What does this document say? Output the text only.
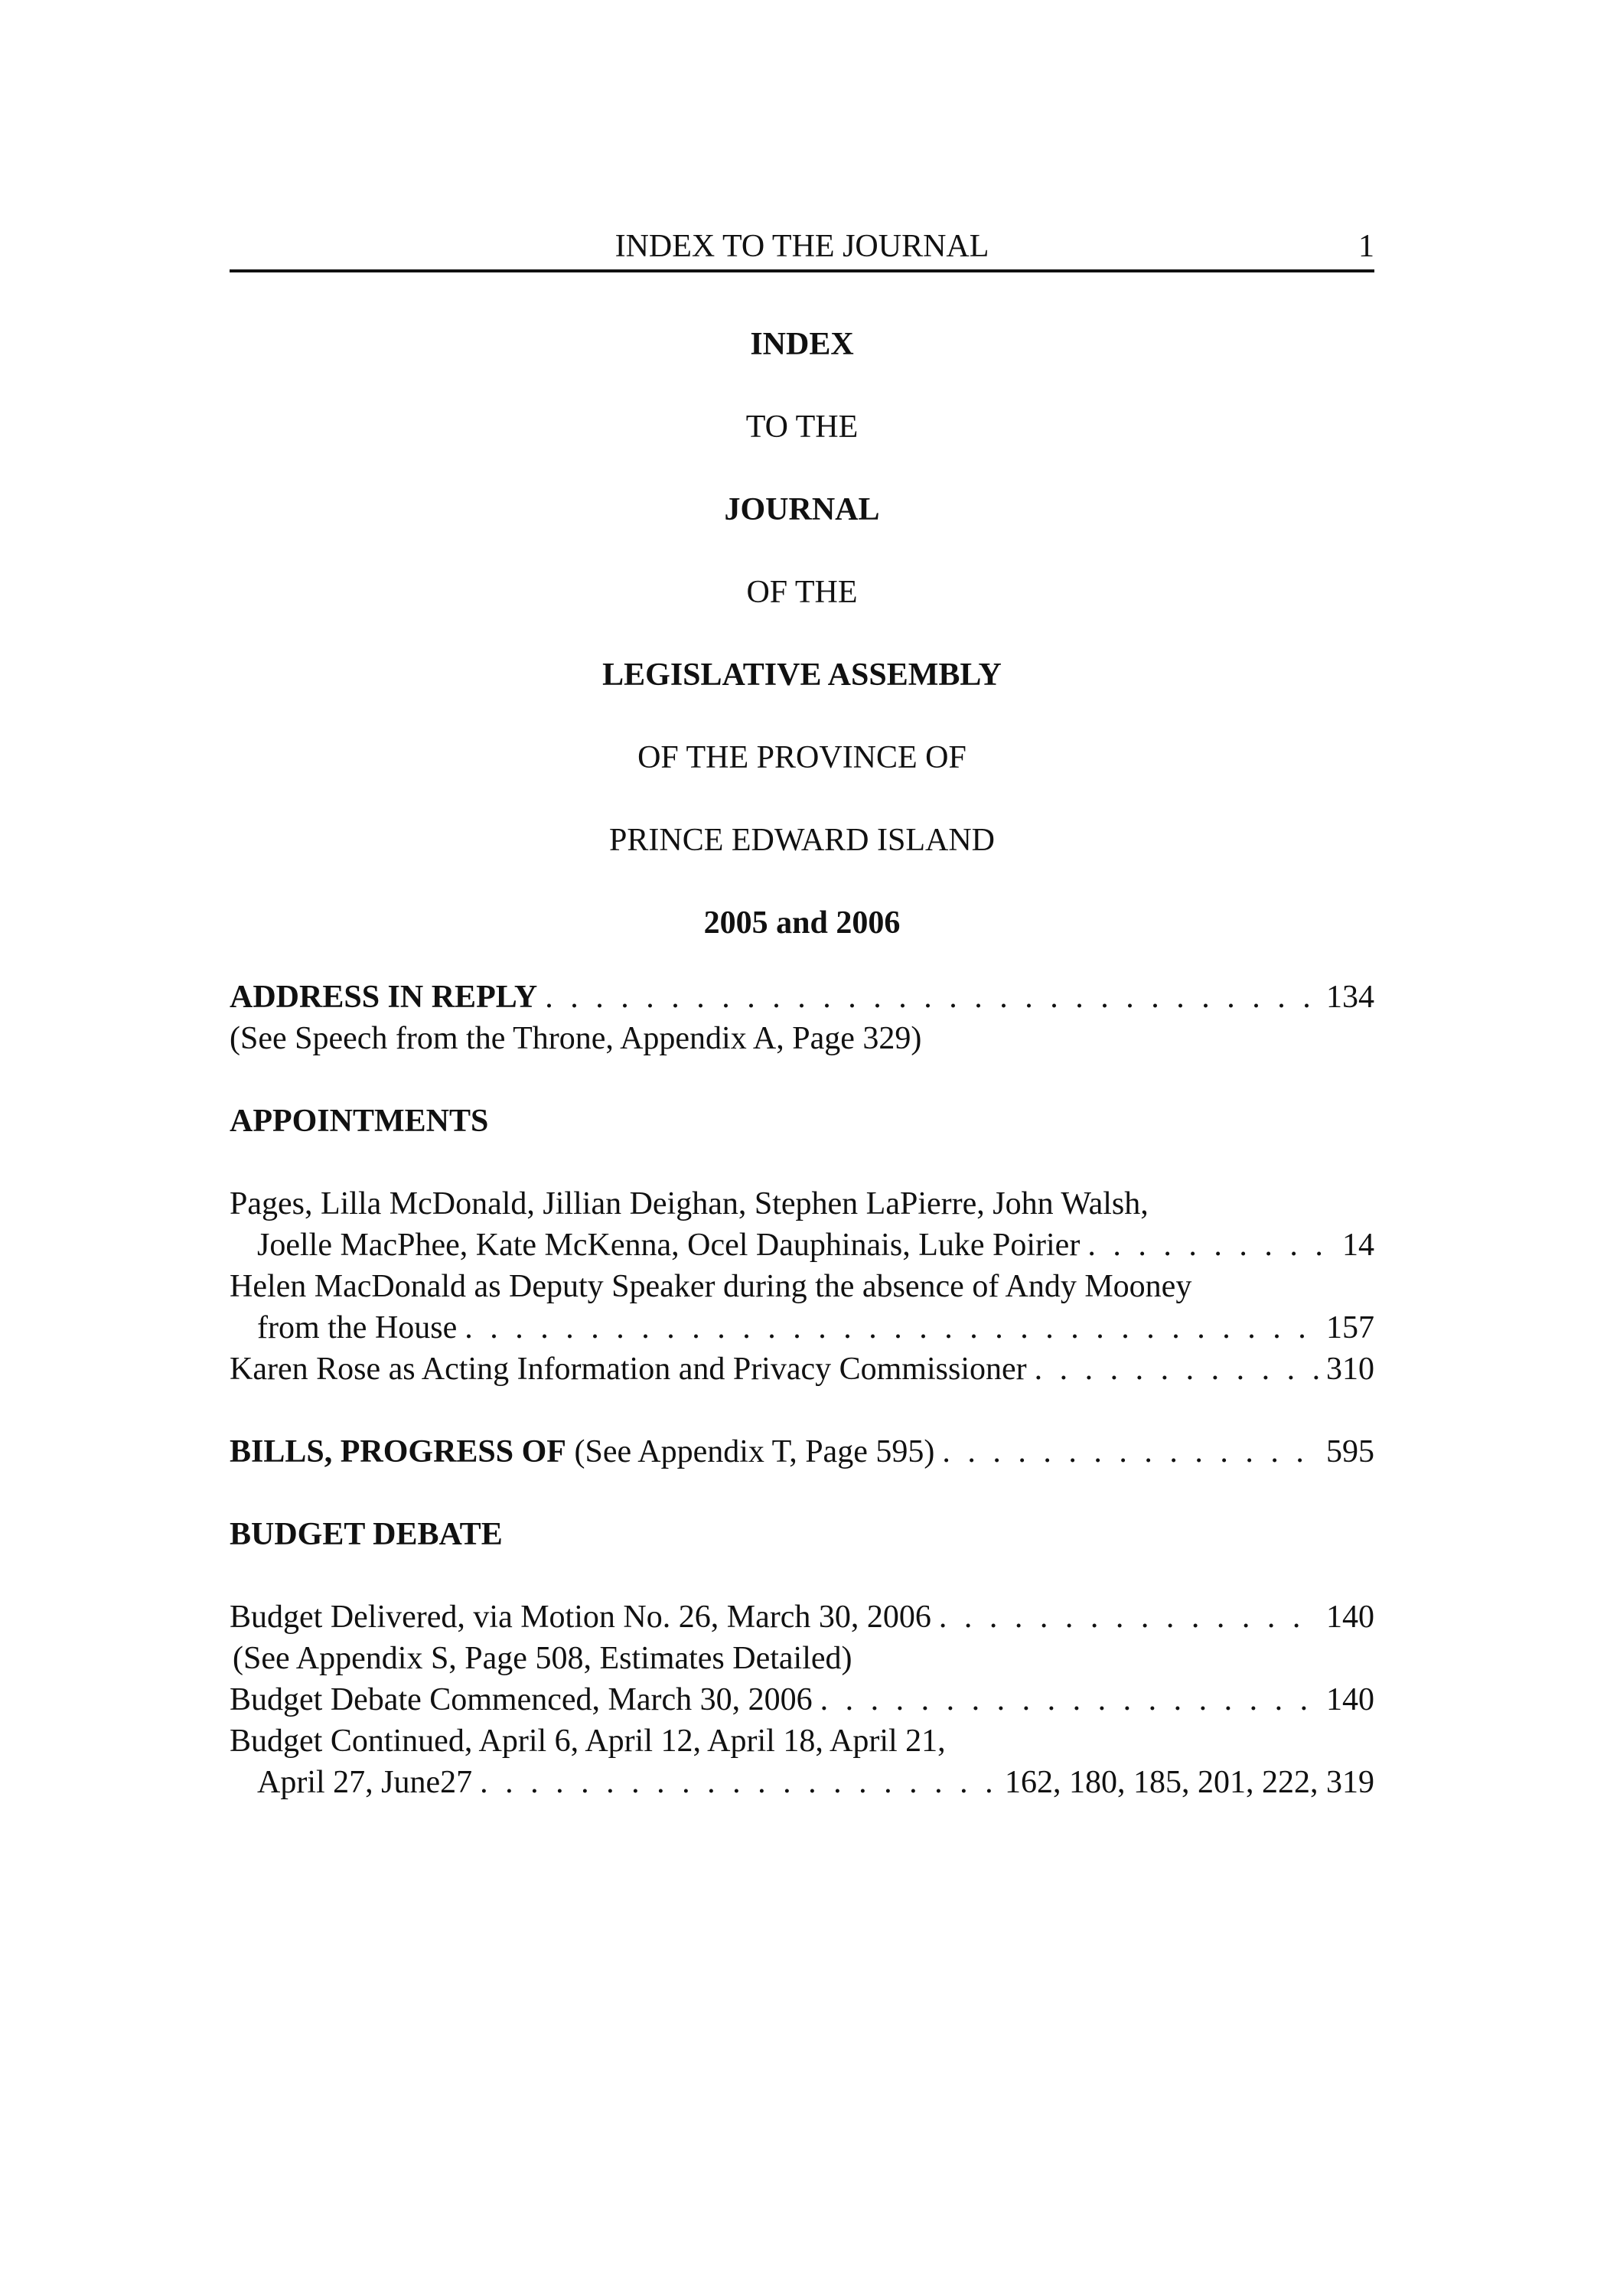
INDEX TO THE JOURNAL	1
INDEX
TO THE
JOURNAL
OF THE
LEGISLATIVE ASSEMBLY
OF THE PROVINCE OF
PRINCE EDWARD ISLAND
2005 and 2006
ADDRESS IN REPLY . . .	134
(See Speech from the Throne, Appendix A, Page 329)
APPOINTMENTS
Pages, Lilla McDonald, Jillian Deighan, Stephen LaPierre, John Walsh,
Joelle MacPhee, Kate McKenna, Ocel Dauphinais, Luke Poirier . . .	14
Helen MacDonald as Deputy Speaker during the absence of Andy Mooney
from the House . . .	157
Karen Rose as Acting Information and Privacy Commissioner . . .	310
BILLS, PROGRESS OF (See Appendix T, Page 595) . . .	595
BUDGET DEBATE
Budget Delivered, via Motion No. 26, March 30, 2006 . . .	140
(See Appendix S, Page 508, Estimates Detailed)
Budget Debate Commenced, March 30, 2006 . . .	140
Budget Continued, April 6, April 12, April 18, April 21,
April 27, June27 . . .	162, 180, 185, 201, 222, 319
